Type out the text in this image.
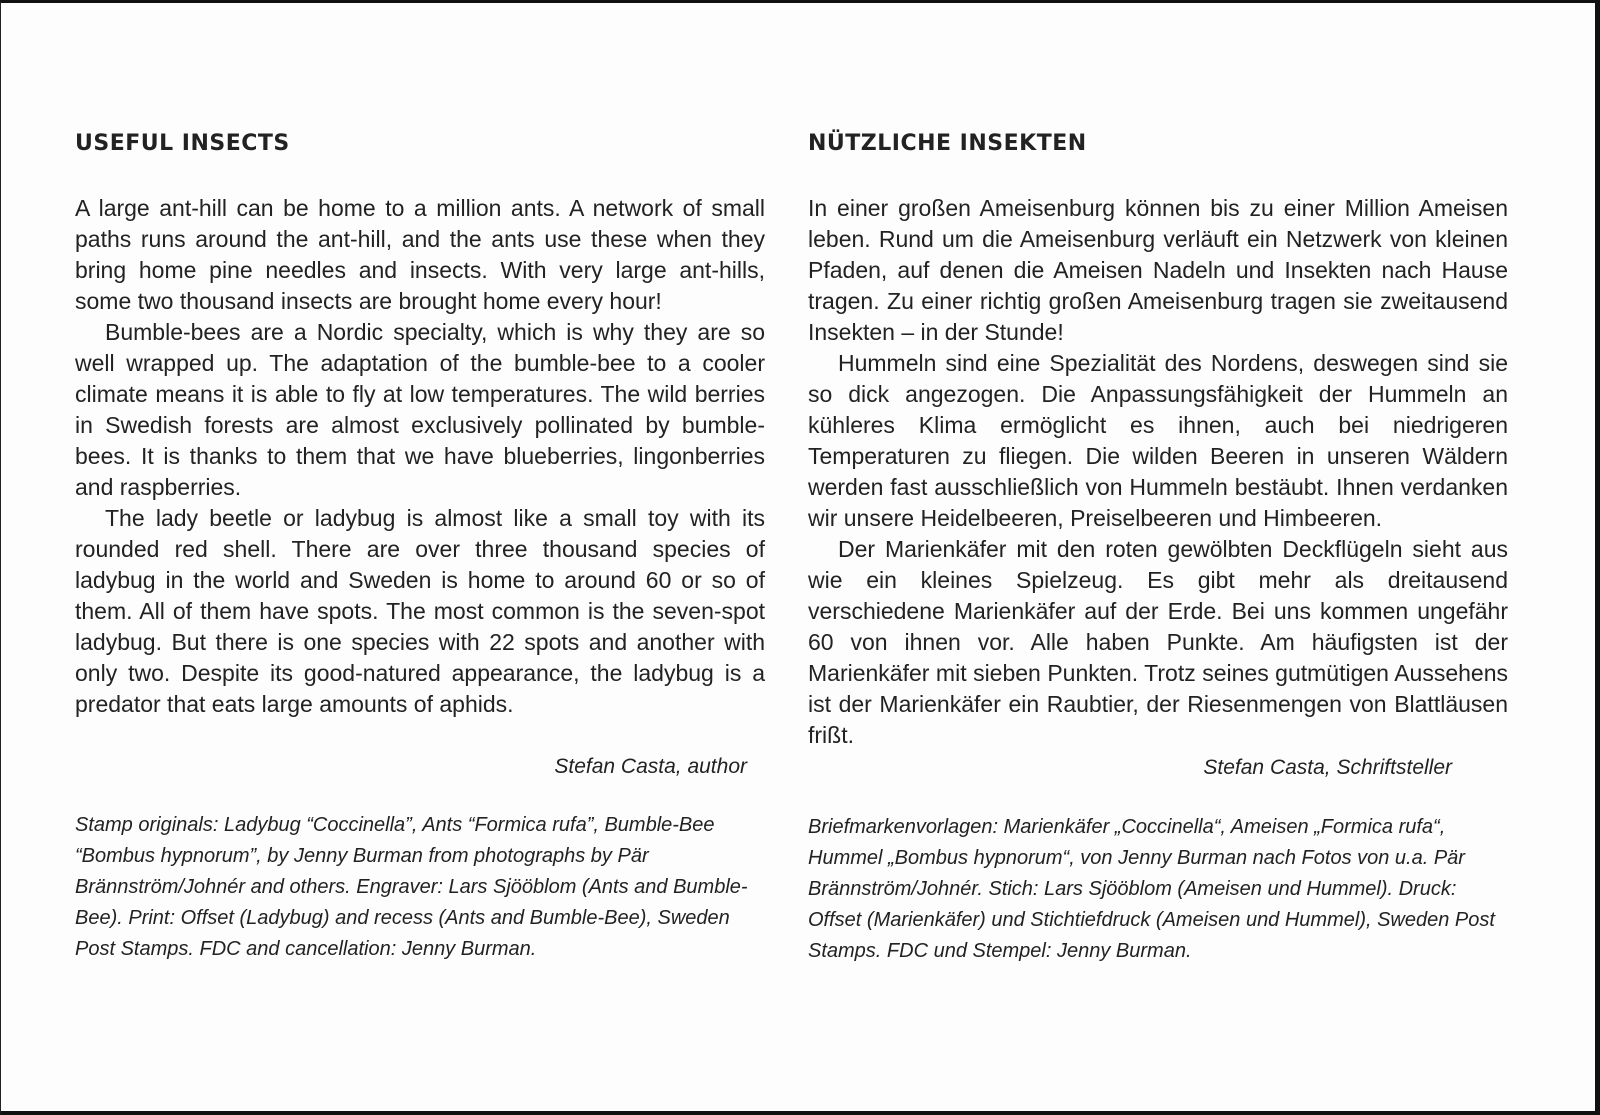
USEFUL INSECTS

A large ant-hill can be home to a million ants. A network of small paths runs around the ant-hill, and the ants use these when they bring home pine needles and insects. With very large ant-hills, some two thousand insects are brought home every hour!

Bumble-bees are a Nordic specialty, which is why they are so well wrapped up. The adaptation of the bumble-bee to a cooler climate means it is able to fly at low temperatures. The wild berries in Swedish forests are almost exclusively pollinated by bumble-bees. It is thanks to them that we have blueberries, lingonberries and raspberries.

The lady beetle or ladybug is almost like a small toy with its rounded red shell. There are over three thousand species of ladybug in the world and Sweden is home to around 60 or so of them. All of them have spots. The most common is the seven-spot ladybug. But there is one species with 22 spots and another with only two. Despite its good-natured appearance, the ladybug is a predator that eats large amounts of aphids.

Stefan Casta, author

Stamp originals: Ladybug “Coccinella”, Ants “Formica rufa”, Bumble-Bee “Bombus hypnorum”, by Jenny Burman from photographs by Pär Brännström/Johnér and others. Engraver: Lars Sjööblom (Ants and Bumble-Bee). Print: Offset (Ladybug) and recess (Ants and Bumble-Bee), Sweden Post Stamps. FDC and cancellation: Jenny Burman.

NÜTZLICHE INSEKTEN

In einer großen Ameisenburg können bis zu einer Million Ameisen leben. Rund um die Ameisenburg verläuft ein Netzwerk von kleinen Pfaden, auf denen die Ameisen Nadeln und Insekten nach Hause tragen. Zu einer richtig großen Ameisenburg tragen sie zweitausend Insekten – in der Stunde!

Hummeln sind eine Spezialität des Nordens, deswegen sind sie so dick angezogen. Die Anpassungsfähigkeit der Hummeln an kühleres Klima ermöglicht es ihnen, auch bei niedrigeren Temperaturen zu fliegen. Die wilden Beeren in unseren Wäldern werden fast ausschließlich von Hummeln bestäubt. Ihnen verdanken wir unsere Heidelbeeren, Preiselbeeren und Himbeeren.

Der Marienkäfer mit den roten gewölbten Deckflügeln sieht aus wie ein kleines Spielzeug. Es gibt mehr als dreitausend verschiedene Marienkäfer auf der Erde. Bei uns kommen ungefähr 60 von ihnen vor. Alle haben Punkte. Am häufigsten ist der Marienkäfer mit sieben Punkten. Trotz seines gutmütigen Aussehens ist der Marienkäfer ein Raubtier, der Riesenmengen von Blattläusen frißt.

Stefan Casta, Schriftsteller

Briefmarkenvorlagen: Marienkäfer „Coccinella“, Ameisen „Formica rufa“, Hummel „Bombus hypnorum“, von Jenny Burman nach Fotos von u.a. Pär Brännström/Johnér. Stich: Lars Sjööblom (Ameisen und Hummel). Druck: Offset (Marienkäfer) und Stichtiefdruck (Ameisen und Hummel), Sweden Post Stamps. FDC und Stempel: Jenny Burman.
